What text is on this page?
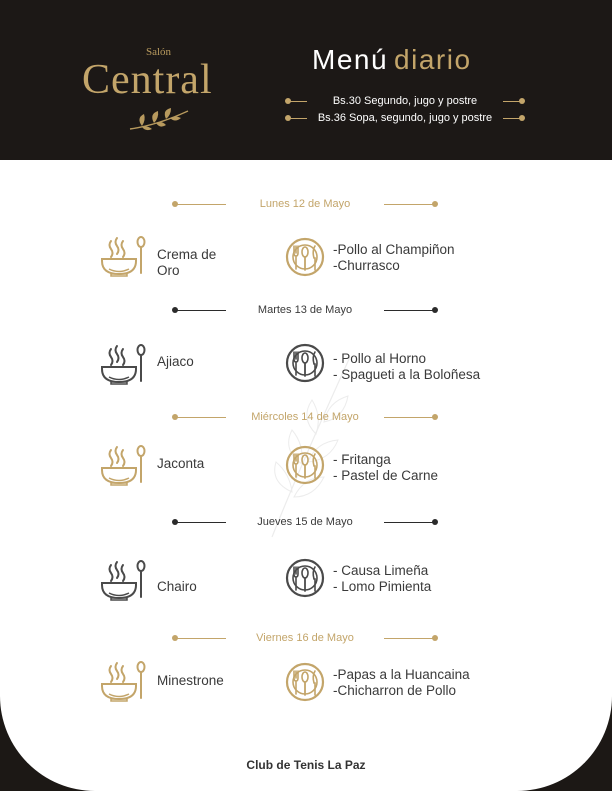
Salón
Central	Menú diario
Bs.30 Segundo, jugo y postre
Bs.36 Sopa, segundo, jugo y postre
Lunes 12 de Mayo
Crema de Oro
-Pollo al Champiñon
-Churrasco
Martes 13 de Mayo
Ajiaco	- Pollo al Horno
- Spagueti a la Boloñesa
Miércoles 14 de Mayo
Jaconta	- Fritanga
- Pastel de Carne
Jueves 15 de Mayo
Chairo
- Causa Limeña
- Lomo Pimienta
Viernes 16 de Mayo
Minestrone	-Papas a la Huancaina
-Chicharron de Pollo
Club de Tenis La Paz
